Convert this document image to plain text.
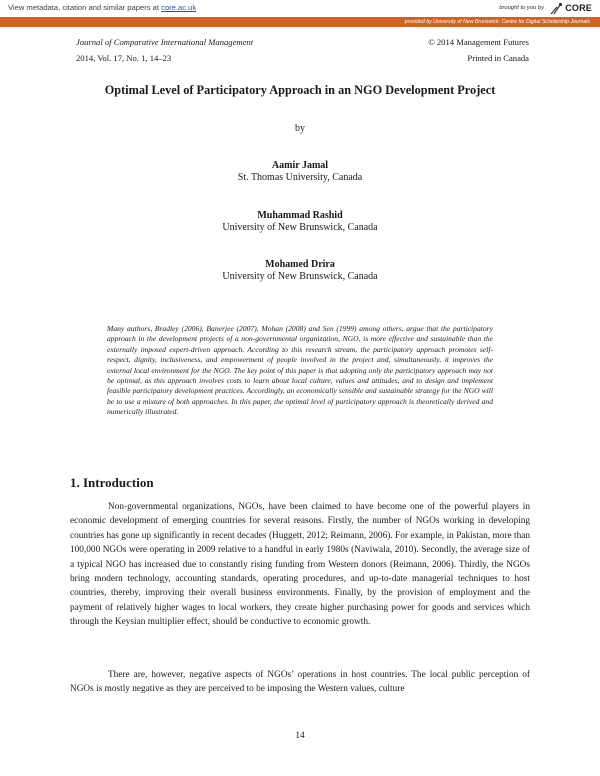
View metadata, citation and similar papers at core.ac.uk	brought to you by CORE
provided by University of New Brunswick: Centre for Digital Scholarship Journals
Journal of Comparative International Management	© 2014 Management Futures
2014, Vol. 17, No. 1, 14–23	Printed in Canada
Optimal Level of Participatory Approach in an NGO Development Project
by
Aamir Jamal
St. Thomas University, Canada
Muhammad Rashid
University of New Brunswick, Canada
Mohamed Drira
University of New Brunswick, Canada
Many authors, Bradley (2006), Banerjee (2007), Mohan (2008) and Sen (1999) among others, argue that the participatory approach in the development projects of a non-governmental organization, NGO, is more effective and sustainable than the externally imposed expert-driven approach. According to this research stream, the participatory approach promotes self-respect, dignity, inclusiveness, and empowerment of people involved in the project and, simultaneously, it improves the external local environment for the NGO. The key point of this paper is that adopting only the participatory approach may not be optimal, as this approach involves costs to learn about local culture, values and attitudes, and to design and implement feasible participatory development practices. Accordingly, an economically sensible and sustainable strategy for the NGO will be to use a mixture of both approaches. In this paper, the optimal level of participatory approach is theoretically derived and numerically illustrated.
1. Introduction
Non-governmental organizations, NGOs, have been claimed to have become one of the powerful players in economic development of emerging countries for several reasons. Firstly, the number of NGOs working in developing countries has gone up significantly in recent decades (Huggett, 2012; Reimann, 2006). For example, in Pakistan, more than 100,000 NGOs were operating in 2009 relative to a handful in early 1980s (Naviwala, 2010). Secondly, the average size of a typical NGO has increased due to constantly rising funding from Western donors (Reimann, 2006). Thirdly, the NGOs bring modern technology, accounting standards, operating procedures, and up-to-date managerial techniques to host countries, thereby, improving their overall business environments. Finally, by the provision of employment and the payment of relatively higher wages to local workers, they create higher purchasing power for goods and services which through the Keysian multiplier effect, should be conductive to economic growth.
There are, however, negative aspects of NGOs’ operations in host countries. The local public perception of NGOs is mostly negative as they are perceived to be imposing the Western values, culture
14
